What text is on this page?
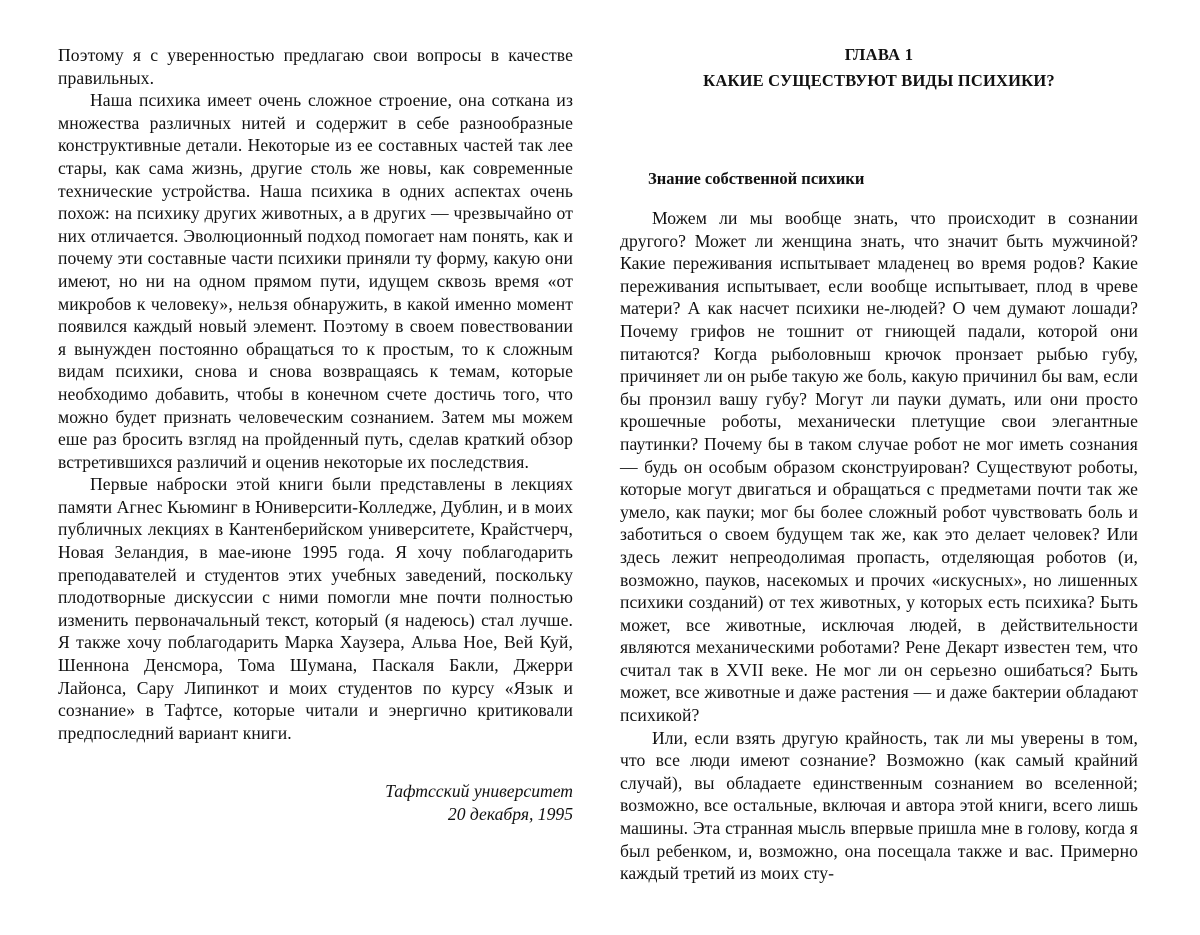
Поэтому я с уверенностью предлагаю свои вопросы в качестве правильных.

Наша психика имеет очень сложное строение, она соткана из множества различных нитей и содержит в себе разнообразные конструктивные детали. Некоторые из ее составных частей так лее стары, как сама жизнь, другие столь же новы, как современные технические устройства. Наша психика в одних аспектах очень похож: на психику других животных, а в других — чрезвычайно от них отличается. Эволюционный подход помогает нам понять, как и почему эти составные части психики приняли ту форму, какую они имеют, но ни на одном прямом пути, идущем сквозь время «от микробов к человеку», нельзя обнаружить, в какой именно момент появился каждый новый элемент. Поэтому в своем повествовании я вынужден постоянно обращаться то к простым, то к сложным видам психики, снова и снова возвращаясь к темам, которые необходимо добавить, чтобы в конечном счете достичь того, что можно будет признать человеческим сознанием. Затем мы можем еше раз бросить взгляд на пройденный путь, сделав краткий обзор встретившихся различий и оценив некоторые их последствия.

Первые наброски этой книги были представлены в лекциях памяти Агнес Кьюминг в Юниверсити-Колледже, Дублин, и в моих публичных лекциях в Кантенберийском университете, Крайстчерч, Новая Зеландия, в мае-июне 1995 года. Я хочу поблагодарить преподавателей и студентов этих учебных заведений, поскольку плодотворные дискуссии с ними помогли мне почти полностью изменить первоначальный текст, который (я надеюсь) стал лучше. Я также хочу поблагодарить Марка Хаузера, Альва Ное, Вей Куй, Шеннона Денсмора, Тома Шумана, Паскаля Бакли, Джерри Лайонса, Сару Липинкот и моих студентов по курсу «Язык и сознание» в Тафтсе, которые читали и энергично критиковали предпоследний вариант книги.

Тафтсский университет
20 декабря, 1995

ГЛАВА 1

КАКИЕ СУЩЕСТВУЮТ ВИДЫ ПСИХИКИ?

Знание собственной психики

Можем ли мы вообще знать, что происходит в сознании другого? Может ли женщина знать, что значит быть мужчиной? Какие переживания испытывает младенец во время родов? Какие переживания испытывает, если вообще испытывает, плод в чреве матери? А как насчет психики не-людей? О чем думают лошади? Почему грифов не тошнит от гниющей падали, которой они питаются? Когда рыболовныш крючок пронзает рыбью губу, причиняет ли он рыбе такую же боль, какую причинил бы вам, если бы пронзил вашу губу? Могут ли пауки думать, или они просто крошечные роботы, механически плетущие свои элегантные паутинки? Почему бы в таком случае робот не мог иметь сознания — будь он особым образом сконструирован? Существуют роботы, которые могут двигаться и обращаться с предметами почти так же умело, как пауки; мог бы более сложный робот чувствовать боль и заботиться о своем будущем так же, как это делает человек? Или здесь лежит непреодолимая пропасть, отделяющая роботов (и, возможно, пауков, насекомых и прочих «искусных», но лишенных психики созданий) от тех животных, у которых есть психика? Быть может, все животные, исключая людей, в действительности являются механическими роботами? Рене Декарт известен тем, что считал так в XVII веке. Не мог ли он серьезно ошибаться? Быть может, все животные и даже растения — и даже бактерии обладают психикой?

Или, если взять другую крайность, так ли мы уверены в том, что все люди имеют сознание? Возможно (как самый крайний случай), вы обладаете единственным сознанием во вселенной; возможно, все остальные, включая и автора этой книги, всего лишь машины. Эта странная мысль впервые пришла мне в голову, когда я был ребенком, и, возможно, она посещала также и вас. Примерно каждый третий из моих сту-
